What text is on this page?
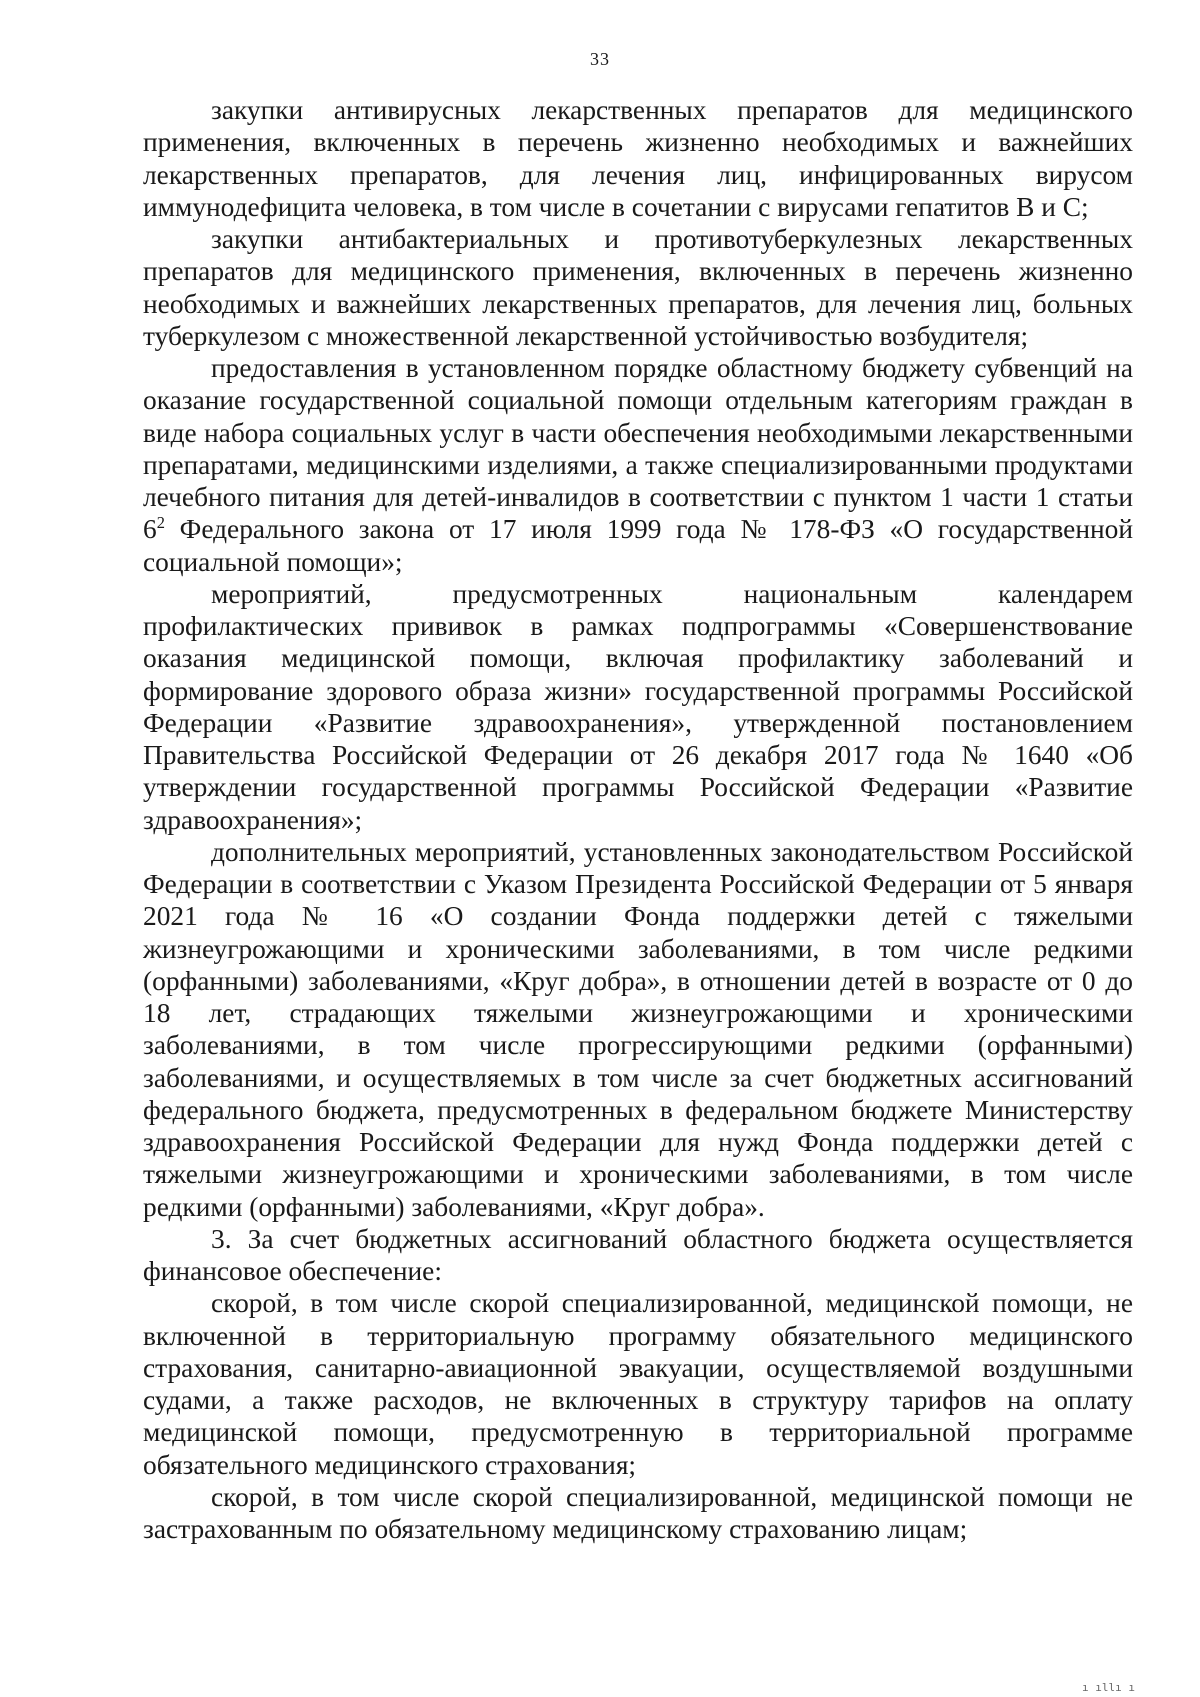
33

закупки антивирусных лекарственных препаратов для медицинского применения, включенных в перечень жизненно необходимых и важнейших лекарственных препаратов, для лечения лиц, инфицированных вирусом иммунодефицита человека, в том числе в сочетании с вирусами гепатитов B и C;

закупки антибактериальных и противотуберкулезных лекарственных препаратов для медицинского применения, включенных в перечень жизненно необходимых и важнейших лекарственных препаратов, для лечения лиц, больных туберкулезом с множественной лекарственной устойчивостью возбудителя;

предоставления в установленном порядке областному бюджету субвенций на оказание государственной социальной помощи отдельным категориям граждан в виде набора социальных услуг в части обеспечения необходимыми лекарственными препаратами, медицинскими изделиями, а также специализированными продуктами лечебного питания для детей-инвалидов в соответствии с пунктом 1 части 1 статьи $6^2$ Федерального закона от 17 июля 1999 года № 178-ФЗ «О государственной социальной помощи»;

мероприятий, предусмотренных национальным календарем профилактических прививок в рамках подпрограммы «Совершенствование оказания медицинской помощи, включая профилактику заболеваний и формирование здорового образа жизни» государственной программы Российской Федерации «Развитие здравоохранения», утвержденной постановлением Правительства Российской Федерации от 26 декабря 2017 года № 1640 «Об утверждении государственной программы Российской Федерации «Развитие здравоохранения»;

дополнительных мероприятий, установленных законодательством Российской Федерации в соответствии с Указом Президента Российской Федерации от 5 января 2021 года № 16 «О создании Фонда поддержки детей с тяжелыми жизнеугрожающими и хроническими заболеваниями, в том числе редкими (орфанными) заболеваниями, «Круг добра», в отношении детей в возрасте от 0 до 18 лет, страдающих тяжелыми жизнеугрожающими и хроническими заболеваниями, в том числе прогрессирующими редкими (орфанными) заболеваниями, и осуществляемых в том числе за счет бюджетных ассигнований федерального бюджета, предусмотренных в федеральном бюджете Министерству здравоохранения Российской Федерации для нужд Фонда поддержки детей с тяжелыми жизнеугрожающими и хроническими заболеваниями, в том числе редкими (орфанными) заболеваниями, «Круг добра».

3. За счет бюджетных ассигнований областного бюджета осуществляется финансовое обеспечение:

скорой, в том числе скорой специализированной, медицинской помощи, не включенной в территориальную программу обязательного медицинского страхования, санитарно-авиационной эвакуации, осуществляемой воздушными судами, а также расходов, не включенных в структуру тарифов на оплату медицинской помощи, предусмотренную в территориальной программе обязательного медицинского страхования;

скорой, в том числе скорой специализированной, медицинской помощи не застрахованным по обязательному медицинскому страхованию лицам;

ı ıllı ı
